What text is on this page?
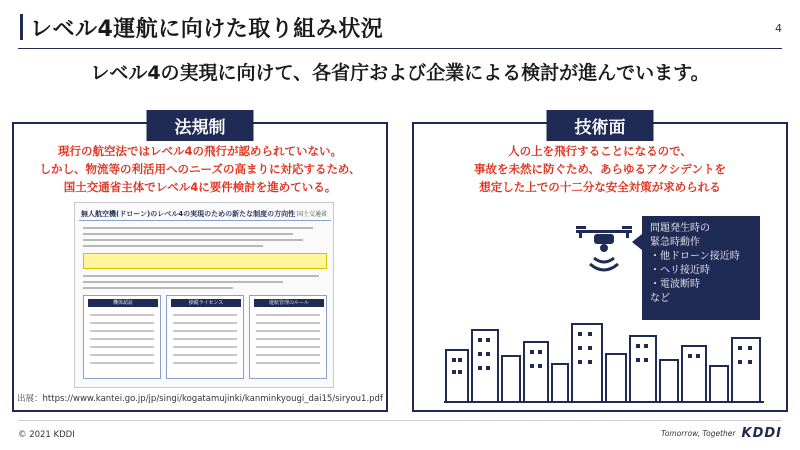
レベル4運航に向けた取り組み状況	4
レベル4の実現に向けて、各省庁および企業による検討が進んでいます。
法規制
現行の航空法ではレベル4の飛行が認められていない。
しかし、物流等の利活用へのニーズの高まりに対応するため、
国土交通省主体でレベル4に要件検討を進めている。
無人航空機(ドローン)のレベル4の実現のための新たな制度の方向性 国土交通省
機体認証	操縦ライセンス	運航管理のルール
出展：https://www.kantei.go.jp/jp/singi/kogatamujinki/kanminkyougi_dai15/siryou1.pdf
技術面
人の上を飛行することになるので、
事故を未然に防ぐため、あらゆるアクシデントを
想定した上での十二分な安全対策が求められる
問題発生時の
緊急時動作
・他ドローン接近時
・ヘリ接近時
・電波断時
など
© 2021 KDDI	Tomorrow, Together KDDI
